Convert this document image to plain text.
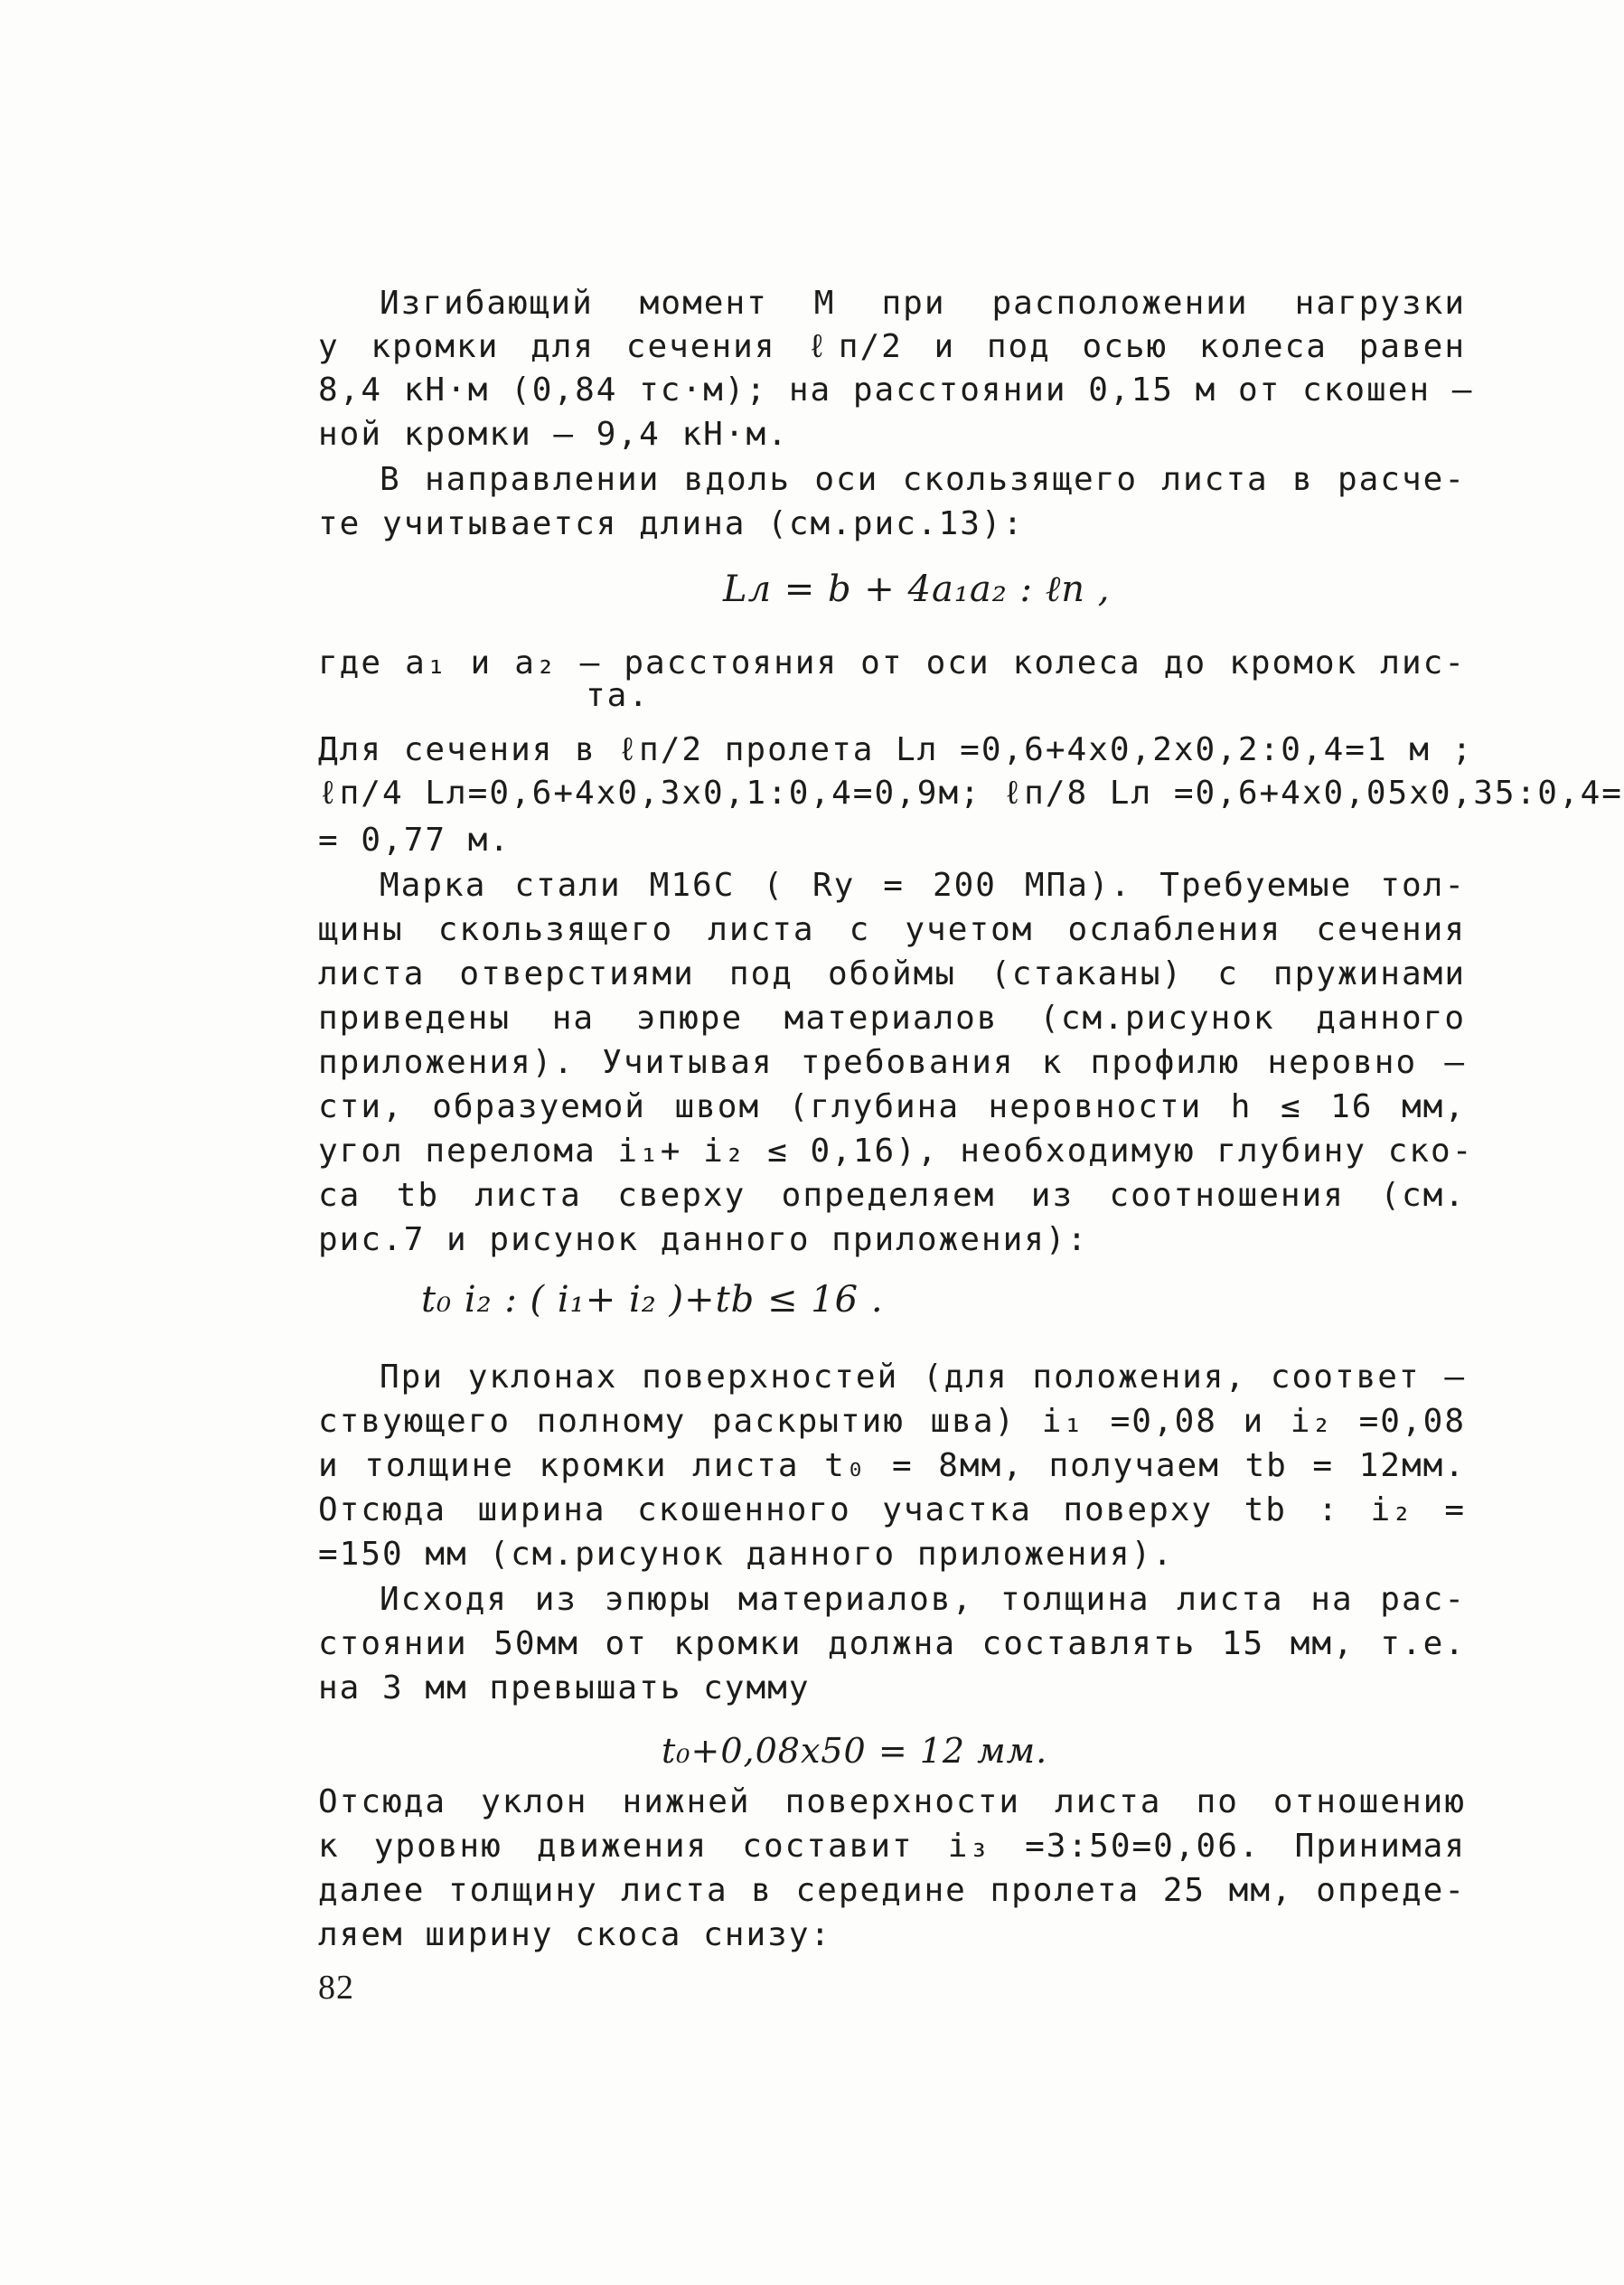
Изгибающий момент M при расположении нагрузки
у кромки для сечения ℓп/2 и под осью колеса равен
8,4 кН·м (0,84 тс·м); на расстоянии 0,15 м от скошен –
ной кромки – 9,4 кН·м.
В направлении вдоль оси скользящего листа в расче-
те учитывается длина (см.рис.13):
Lл = b + 4a₁a₂ : ℓп ,
где a₁ и a₂ – расстояния от оси колеса до кромок лис-
та.
Для сечения в ℓп/2 пролета Lл =0,6+4х0,2х0,2:0,4=1 м ;
ℓп/4 Lл=0,6+4х0,3х0,1:0,4=0,9м; ℓп/8 Lл =0,6+4х0,05х0,35:0,4=
= 0,77 м.
Марка стали М16С ( Rу = 200 МПа). Требуемые тол-
щины скользящего листа с учетом ослабления сечения
листа отверстиями под обоймы (стаканы) с пружинами
приведены на эпюре материалов (см.рисунок данного
приложения). Учитывая требования к профилю неровно –
сти, образуемой швом (глубина неровности h ≤ 16 мм,
угол перелома i₁+ i₂ ≤ 0,16), необходимую глубину ско-
са tb листа сверху определяем из соотношения (см.
рис.7 и рисунок данного приложения):
t₀ i₂ : ( i₁+ i₂ )+tb ≤ 16 .
При уклонах поверхностей (для положения, соответ –
ствующего полному раскрытию шва) i₁ =0,08 и i₂ =0,08
и толщине кромки листа t₀ = 8мм, получаем tb = 12мм.
Отсюда ширина скошенного участка поверху tb : i₂ =
=150 мм (см.рисунок данного приложения).
Исходя из эпюры материалов, толщина листа на рас-
стоянии 50мм от кромки должна составлять 15 мм, т.е.
на 3 мм превышать сумму
t₀+0,08х50 = 12 мм.
Отсюда уклон нижней поверхности листа по отношению
к уровню движения составит i₃ =3:50=0,06. Принимая
далее толщину листа в середине пролета 25 мм, опреде-
ляем ширину скоса снизу:
82
